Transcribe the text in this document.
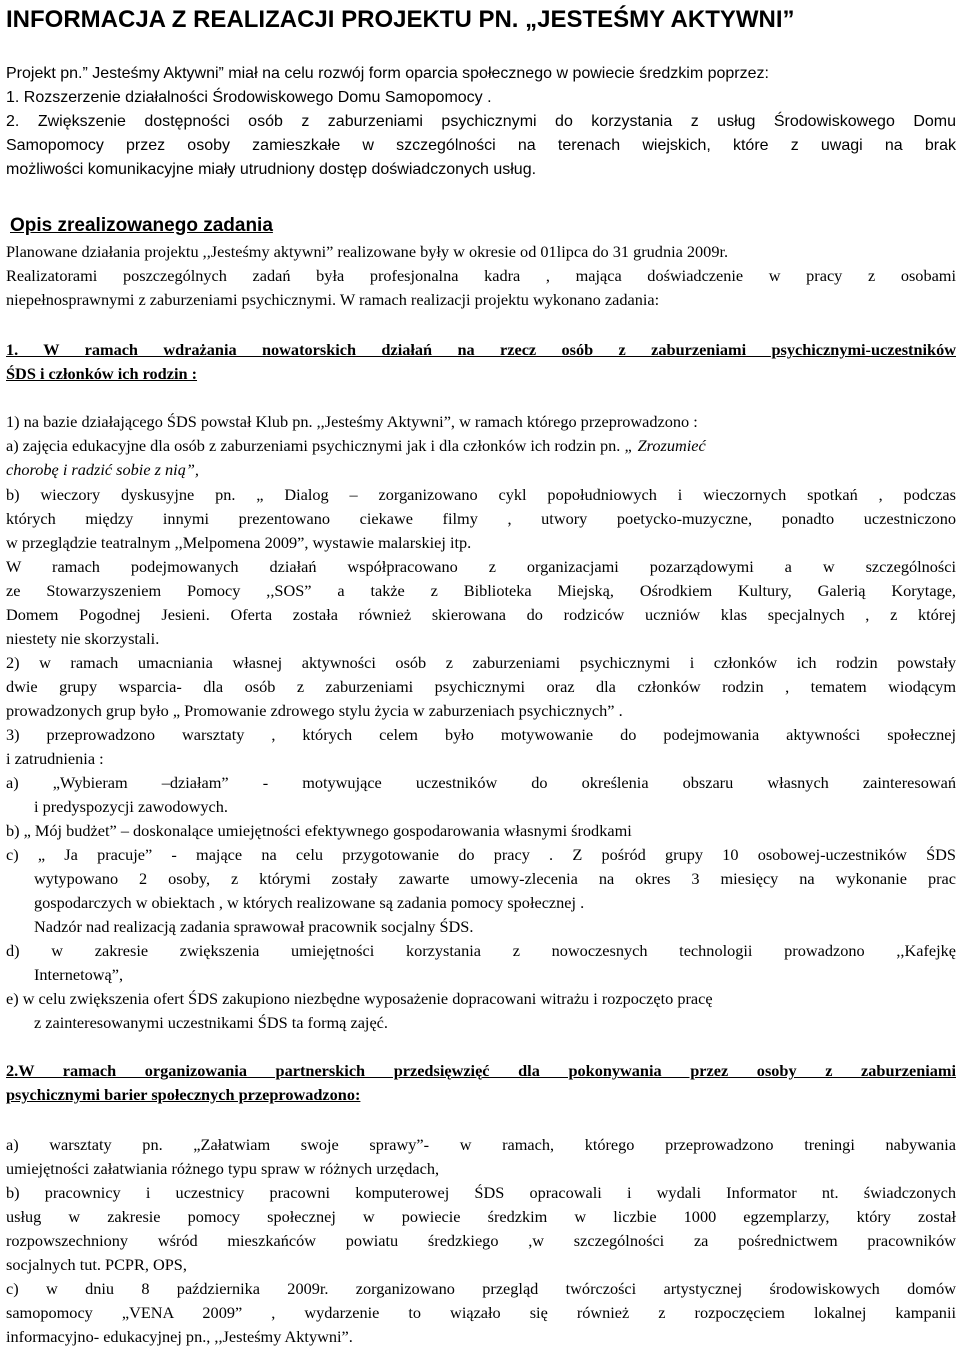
INFORMACJA Z REALIZACJI PROJEKTU PN. „JESTEŚMY AKTYWNI”
Projekt pn.” Jesteśmy Aktywni” miał na celu rozwój form oparcia społecznego w powiecie średzkim poprzez:
1. Rozszerzenie działalności Środowiskowego Domu Samopomocy .
2. Zwiększenie dostępności osób z zaburzeniami psychicznymi do korzystania z usług Środowiskowego Domu
Samopomocy przez osoby zamieszkałe w szczególności na terenach wiejskich, które z uwagi na brak
możliwości komunikacyjne miały utrudniony dostęp doświadczonych usług.
Opis zrealizowanego zadania
Planowane działania projektu ,,Jesteśmy aktywni” realizowane były w okresie od 01lipca do 31 grudnia 2009r.
Realizatorami poszczególnych zadań była profesjonalna kadra , mająca doświadczenie w pracy z osobami
niepełnosprawnymi z zaburzeniami psychicznymi. W ramach realizacji projektu wykonano zadania:
1. W ramach wdrażania nowatorskich działań na rzecz osób z zaburzeniami psychicznymi-uczestników
ŚDS i członków ich rodzin :
1) na bazie działającego ŚDS powstał Klub pn. ,,Jesteśmy Aktywni”, w ramach którego przeprowadzono :
a) zajęcia edukacyjne dla osób z zaburzeniami psychicznymi jak i dla członków ich rodzin pn. „ Zrozumieć
chorobę i radzić sobie z nią”,
b) wieczory dyskusyjne pn. „ Dialog – zorganizowano cykl popołudniowych i wieczornych spotkań , podczas
których między innymi prezentowano ciekawe filmy , utwory poetycko-muzyczne, ponadto uczestniczono
w przeglądzie teatralnym ,,Melpomena 2009”, wystawie malarskiej itp.
W ramach podejmowanych działań współpracowano z organizacjami pozarządowymi a w szczególności
ze Stowarzyszeniem Pomocy ,,SOS” a także z Biblioteka Miejską, Ośrodkiem Kultury, Galerią Korytage,
Domem Pogodnej Jesieni. Oferta została również skierowana do rodziców uczniów klas specjalnych , z której
niestety nie skorzystali.
2) w ramach umacniania własnej aktywności osób z zaburzeniami psychicznymi i członków ich rodzin powstały
dwie grupy wsparcia- dla osób z zaburzeniami psychicznymi oraz dla członków rodzin , tematem wiodącym
prowadzonych grup było „ Promowanie zdrowego stylu życia w zaburzeniach psychicznych” .
3) przeprowadzono warsztaty , których celem było motywowanie do podejmowania aktywności społecznej
i zatrudnienia :
a) „Wybieram –działam” - motywujące uczestników do określenia obszaru własnych zainteresowań
i predyspozycji zawodowych.
b) „ Mój budżet” – doskonalące umiejętności efektywnego gospodarowania własnymi środkami
c) „ Ja pracuje” - mające na celu przygotowanie do pracy . Z pośród grupy 10 osobowej-uczestników ŚDS
wytypowano 2 osoby, z którymi zostały zawarte umowy-zlecenia na okres 3 miesięcy na wykonanie prac
gospodarczych w obiektach , w których realizowane są zadania pomocy społecznej .
Nadzór nad realizacją zadania sprawował pracownik socjalny ŚDS.
d) w zakresie zwiększenia umiejętności korzystania z nowoczesnych technologii prowadzono ,,Kafejkę
Internetową”,
e) w celu zwiększenia ofert ŚDS zakupiono niezbędne wyposażenie dopracowani witrażu i rozpoczęto pracę
z zainteresowanymi uczestnikami ŚDS ta formą zajęć.
2.W ramach organizowania partnerskich przedsięwzięć dla pokonywania przez osoby z zaburzeniami
psychicznymi barier społecznych przeprowadzono:
a) warsztaty pn. „Załatwiam swoje sprawy”- w ramach, którego przeprowadzono treningi nabywania
umiejętności załatwiania różnego typu spraw w różnych urzędach,
b) pracownicy i uczestnicy pracowni komputerowej ŚDS opracowali i wydali Informator nt. świadczonych
usług w zakresie pomocy społecznej w powiecie średzkim w liczbie 1000 egzemplarzy, który został
rozpowszechniony wśród mieszkańców powiatu średzkiego ,w szczególności za pośrednictwem pracowników
socjalnych tut. PCPR, OPS,
c) w dniu 8 października 2009r. zorganizowano przegląd twórczości artystycznej środowiskowych domów
samopomocy „VENA 2009” , wydarzenie to wiązało się również z rozpoczęciem lokalnej kampanii
informacyjno- edukacyjnej pn., ,,Jesteśmy Aktywni”.
